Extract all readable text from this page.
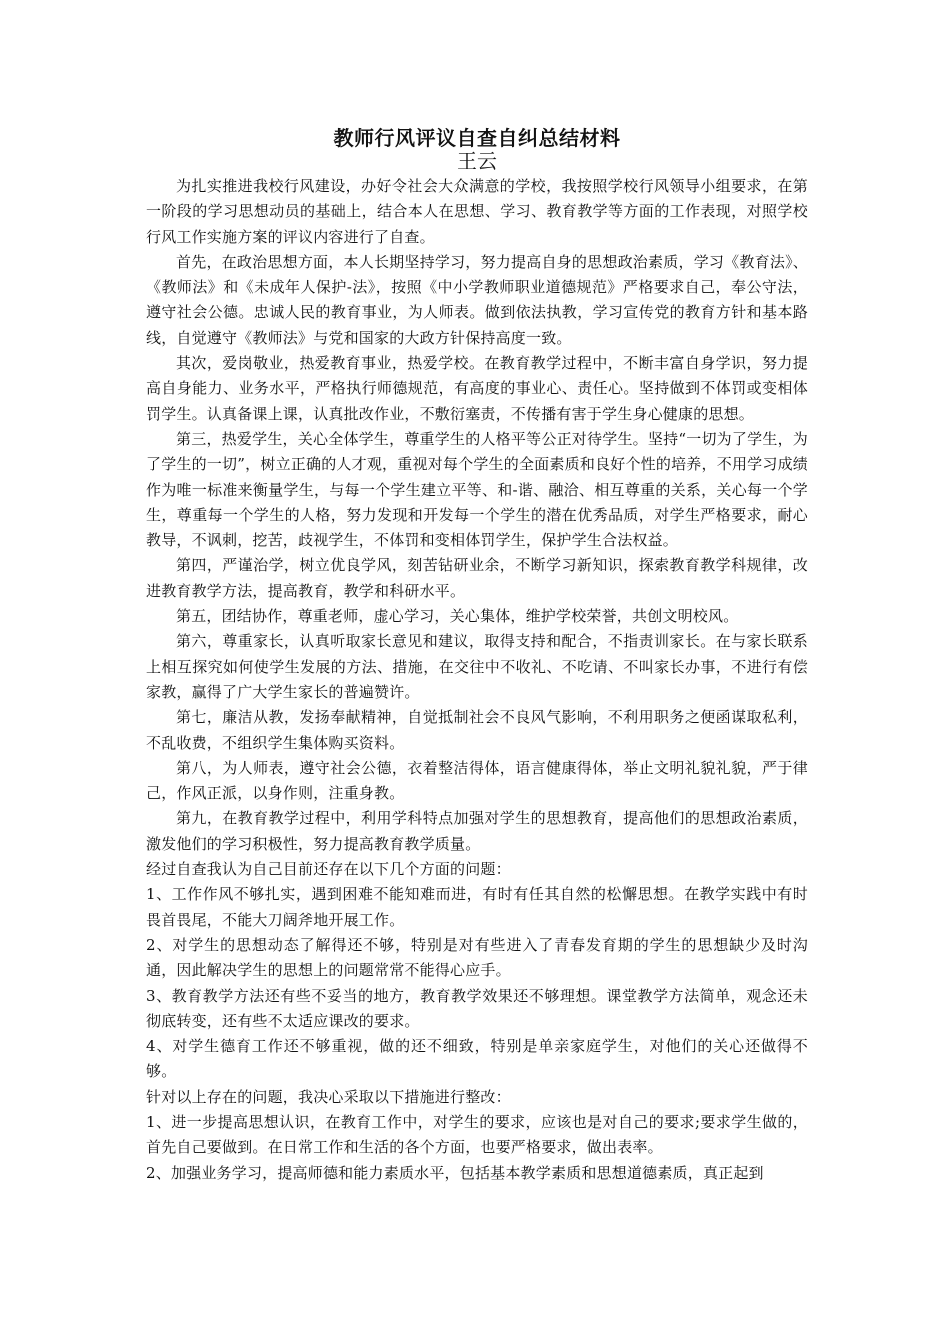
教师行风评议自查自纠总结材料
王云

为扎实推进我校行风建设，办好令社会大众满意的学校，我按照学校行风领导小组要求，在第一阶段的学习思想动员的基础上，结合本人在思想、学习、教育教学等方面的工作表现，对照学校行风工作实施方案的评议内容进行了自查。

首先，在政治思想方面，本人长期坚持学习，努力提高自身的思想政治素质，学习《教育法》、《教师法》和《未成年人保护-法》，按照《中小学教师职业道德规范》严格要求自己，奉公守法，遵守社会公德。忠诚人民的教育事业，为人师表。做到依法执教，学习宣传党的教育方针和基本路线，自觉遵守《教师法》与党和国家的大政方针保持高度一致。

其次，爱岗敬业，热爱教育事业，热爱学校。在教育教学过程中，不断丰富自身学识，努力提高自身能力、业务水平，严格执行师德规范，有高度的事业心、责任心。坚持做到不体罚或变相体罚学生。认真备课上课，认真批改作业，不敷衍塞责，不传播有害于学生身心健康的思想。

第三，热爱学生，关心全体学生，尊重学生的人格平等公正对待学生。坚持“一切为了学生，为了学生的一切”，树立正确的人才观，重视对每个学生的全面素质和良好个性的培养，不用学习成绩作为唯一标准来衡量学生，与每一个学生建立平等、和-谐、融洽、相互尊重的关系，关心每一个学生，尊重每一个学生的人格，努力发现和开发每一个学生的潜在优秀品质，对学生严格要求，耐心教导，不讽刺，挖苦，歧视学生，不体罚和变相体罚学生，保护学生合法权益。

第四，严谨治学，树立优良学风，刻苦钻研业余，不断学习新知识，探索教育教学科规律，改进教育教学方法，提高教育，教学和科研水平。

第五，团结协作，尊重老师，虚心学习，关心集体，维护学校荣誉，共创文明校风。

第六，尊重家长，认真听取家长意见和建议，取得支持和配合，不指责训家长。在与家长联系上相互探究如何使学生发展的方法、措施，在交往中不收礼、不吃请、不叫家长办事，不进行有偿家教，赢得了广大学生家长的普遍赞许。

第七，廉洁从教，发扬奉献精神，自觉抵制社会不良风气影响，不利用职务之便函谋取私利，不乱收费，不组织学生集体购买资料。

第八，为人师表，遵守社会公德，衣着整洁得体，语言健康得体，举止文明礼貌礼貌，严于律己，作风正派，以身作则，注重身教。

第九，在教育教学过程中，利用学科特点加强对学生的思想教育，提高他们的思想政治素质，激发他们的学习积极性，努力提高教育教学质量。

经过自查我认为自己目前还存在以下几个方面的问题：

1、工作作风不够扎实，遇到困难不能知难而进，有时有任其自然的松懈思想。在教学实践中有时畏首畏尾，不能大刀阔斧地开展工作。

2、对学生的思想动态了解得还不够，特别是对有些进入了青春发育期的学生的思想缺少及时沟通，因此解决学生的思想上的问题常常不能得心应手。

3、教育教学方法还有些不妥当的地方，教育教学效果还不够理想。课堂教学方法简单，观念还未彻底转变，还有些不太适应课改的要求。

4、对学生德育工作还不够重视，做的还不细致，特别是单亲家庭学生，对他们的关心还做得不够。

针对以上存在的问题，我决心采取以下措施进行整改：

1、进一步提高思想认识，在教育工作中，对学生的要求，应该也是对自己的要求;要求学生做的，首先自己要做到。在日常工作和生活的各个方面，也要严格要求，做出表率。

2、加强业务学习，提高师德和能力素质水平，包括基本教学素质和思想道德素质，真正起到
